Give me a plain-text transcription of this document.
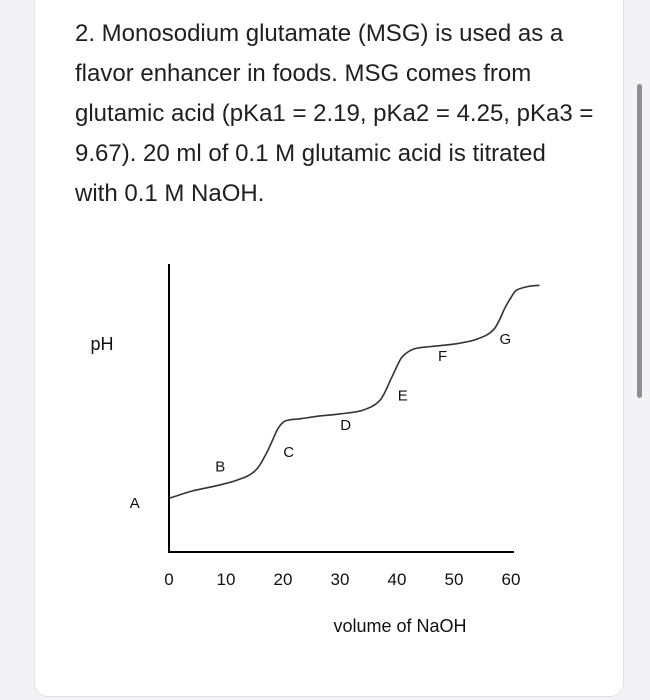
2. Monosodium glutamate (MSG) is used as a flavor enhancer in foods. MSG comes from glutamic acid (pKa1 = 2.19, pKa2 = 4.25, pKa3 = 9.67). 20 ml of 0.1 M glutamic acid is titrated with 0.1 M NaOH.

pH
volume of NaOH
0	10 20 30 40 50 60
A
B
C
D
E
F
G
